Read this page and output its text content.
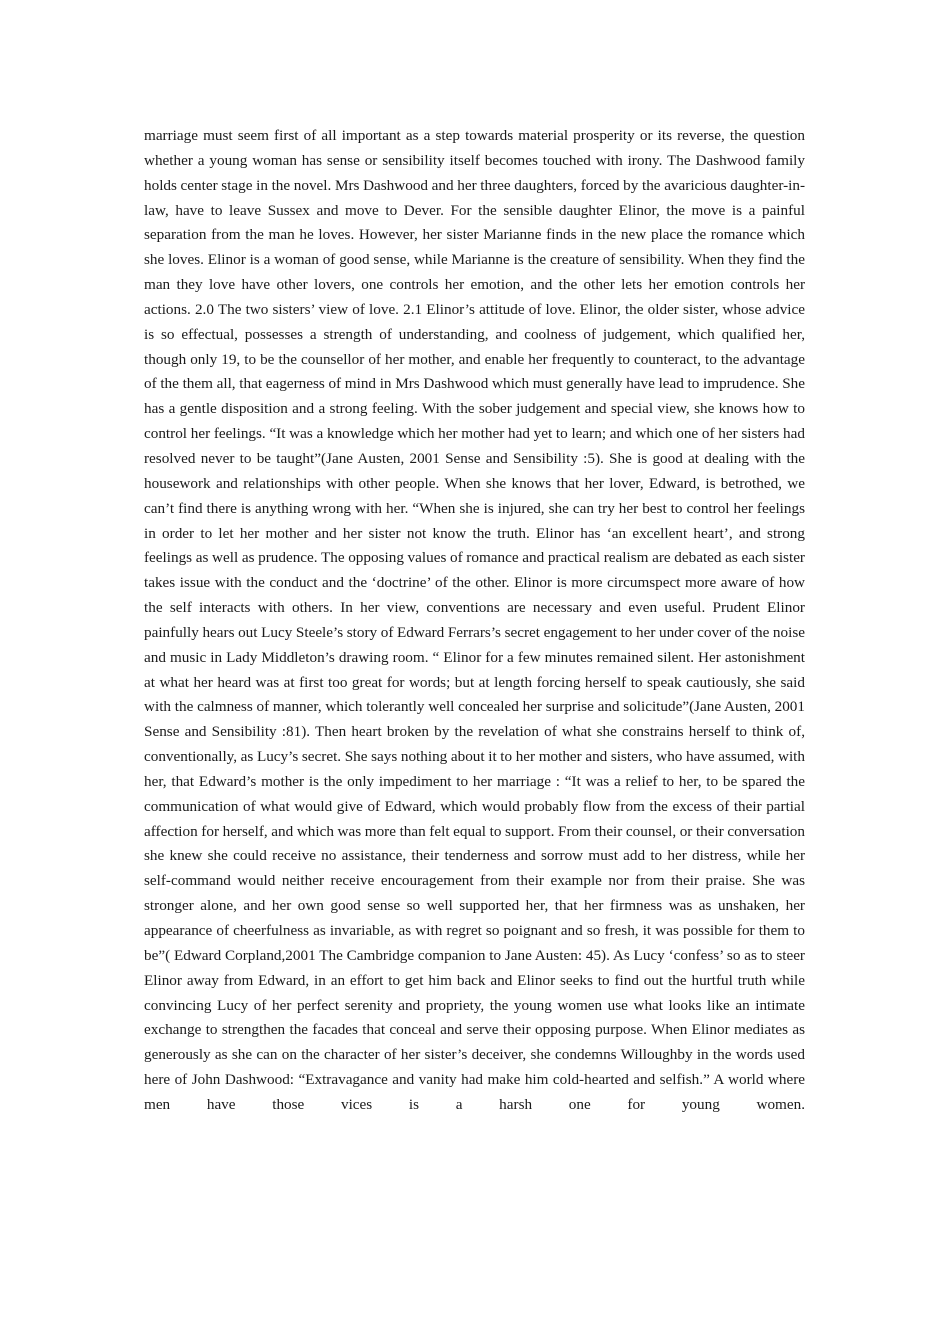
marriage must seem first of all important as a step towards material prosperity or its reverse, the question whether a young woman has sense or sensibility itself becomes touched with irony. The Dashwood family holds center stage in the novel. Mrs Dashwood and her three daughters, forced by the avaricious daughter-in-law, have to leave Sussex and move to Dever. For the sensible daughter Elinor, the move is a painful separation from the man he loves. However, her sister Marianne finds in the new place the romance which she loves. Elinor is a woman of good sense, while Marianne is the creature of sensibility. When they find the man they love have other lovers, one controls her emotion, and the other lets her emotion controls her actions. 2.0 The two sisters’ view of love. 2.1 Elinor’s attitude of love. Elinor, the older sister, whose advice is so effectual, possesses a strength of understanding, and coolness of judgement, which qualified her, though only 19, to be the counsellor of her mother, and enable her frequently to counteract, to the advantage of the them all, that eagerness of mind in Mrs Dashwood which must generally have lead to imprudence. She has a gentle disposition and a strong feeling. With the sober judgement and special view, she knows how to control her feelings. “It was a knowledge which her mother had yet to learn; and which one of her sisters had resolved never to be taught”(Jane Austen, 2001 Sense and Sensibility :5). She is good at dealing with the housework and relationships with other people. When she knows that her lover, Edward, is betrothed, we can’t find there is anything wrong with her. “When she is injured, she can try her best to control her feelings in order to let her mother and her sister not know the truth. Elinor has ‘an excellent heart’, and strong feelings as well as prudence. The opposing values of romance and practical realism are debated as each sister takes issue with the conduct and the ‘doctrine’ of the other. Elinor is more circumspect more aware of how the self interacts with others. In her view, conventions are necessary and even useful. Prudent Elinor painfully hears out Lucy Steele’s story of Edward Ferrars’s secret engagement to her under cover of the noise and music in Lady Middleton’s drawing room. “ Elinor for a few minutes remained silent. Her astonishment at what her heard was at first too great for words; but at length forcing herself to speak cautiously, she said with the calmness of manner, which tolerantly well concealed her surprise and solicitude”(Jane Austen, 2001 Sense and Sensibility :81). Then heart broken by the revelation of what she constrains herself to think of, conventionally, as Lucy’s secret. She says nothing about it to her mother and sisters, who have assumed, with her, that Edward’s mother is the only impediment to her marriage : “It was a relief to her, to be spared the communication of what would give of Edward, which would probably flow from the excess of their partial affection for herself, and which was more than felt equal to support. From their counsel, or their conversation she knew she could receive no assistance, their tenderness and sorrow must add to her distress, while her self-command would neither receive encouragement from their example nor from their praise. She was stronger alone, and her own good sense so well supported her, that her firmness was as unshaken, her appearance of cheerfulness as invariable, as with regret so poignant and so fresh, it was possible for them to be”( Edward Corpland,2001 The Cambridge companion to Jane Austen: 45). As Lucy ‘confess’ so as to steer Elinor away from Edward, in an effort to get him back and Elinor seeks to find out the hurtful truth while convincing Lucy of her perfect serenity and propriety, the young women use what looks like an intimate exchange to strengthen the facades that conceal and serve their opposing purpose. When Elinor mediates as generously as she can on the character of her sister’s deceiver, she condemns Willoughby in the words used here of John Dashwood: “Extravagance and vanity had make him cold-hearted and selfish.” A world where men have those vices is a harsh one for young women.
